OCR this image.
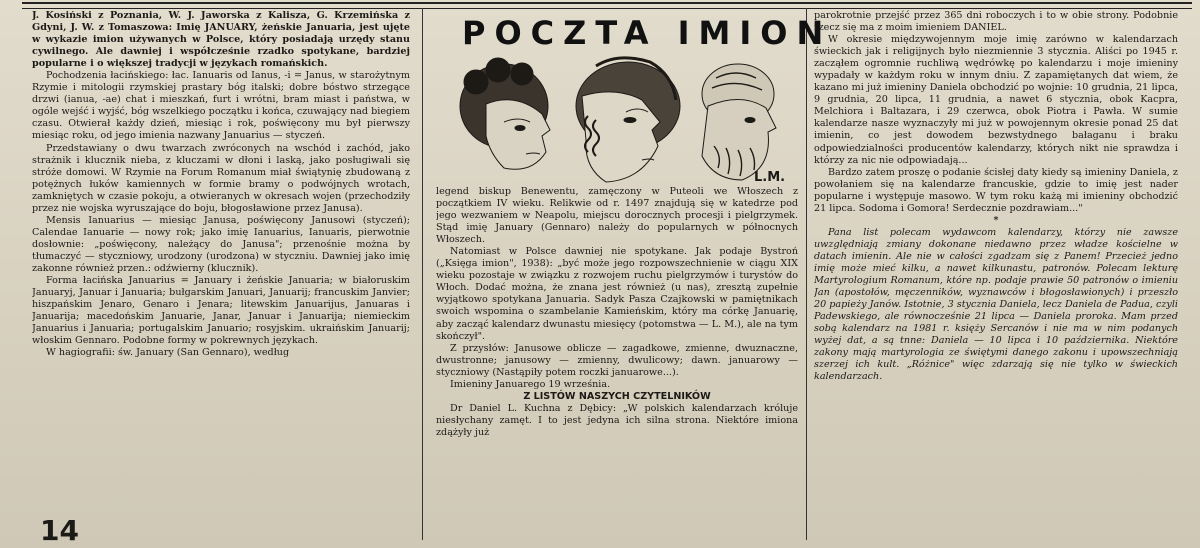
J. Kosiński z Poznania, W. J. Jaworska z Kalisza, G. Krzemińska z Gdyni, J. W. z Tomaszowa: Imię JANUARY, żeńskie Januaria, jest ujęte w wykazie imion używanych w Polsce, który posiadają urzędy stanu cywilnego. Ale dawniej i współcześnie rzadko spotykane, bardziej popularne i o większej tradycji w językach romańskich.

Pochodzenia łacińskiego: łac. Ianuaris od Ianus, -i = Janus, w starożytnym Rzymie i mitologii rzymskiej prastary bóg italski; dobre bóstwo strzegące drzwi (ianua, -ae) chat i mieszkań, furt i wrótni, bram miast i państwa, w ogóle wejść i wyjść, bóg wszelkiego początku i końca, czuwający nad biegiem czasu. Otwierał każdy dzień, miesiąc i rok, poświęcony mu był pierwszy miesiąc roku, od jego imienia nazwany Januarius — styczeń.

Przedstawiany o dwu twarzach zwróconych na wschód i zachód, jako strażnik i klucznik nieba, z kluczami w dłoni i laską, jako posługiwali się stróże domowi. W Rzymie na Forum Romanum miał świątynię zbudowaną z potężnych łuków kamiennych w formie bramy o podwójnych wrotach, zamkniętych w czasie pokoju, a otwieranych w okresach wojen (przechodziły przez nie wojska wyruszające do boju, błogosławione przez Janusa).

Mensis Ianuarius — miesiąc Janusa, poświęcony Janusowi (styczeń); Calendae Ianuarie — nowy rok; jako imię Ianuarius, Ianuaris, pierwotnie dosłownie: „poświęcony, należący do Janusa"; przenośnie można by tłumaczyć — styczniowy, urodzony (urodzona) w styczniu. Dawniej jako imię zakonne również przen.: odźwierny (klucznik).

Forma łacińska Januarius = January i żeńskie Januaria; w białoruskim Januaryj, Januar i Januaria; bułgarskim Januari, Januarij; francuskim Janvier; hiszpańskim Jenaro, Genaro i Jenara; litewskim Januarijus, Januaras i Januarija; macedońskim Januarie, Janar, Januar i Januarija; niemieckim Januarius i Januaria; portugalskim Januario; rosyjskim. ukraińskim Januarij; włoskim Gennaro. Podobne formy w pokrewnych językach.

W hagiografii: św. January (San Gennaro), według

POCZTA IMION
L.M.

legend biskup Benewentu, zamęczony w Puteoli we Włoszech z początkiem IV wieku. Relikwie od r. 1497 znajdują się w katedrze pod jego wezwaniem w Neapolu, miejscu dorocznych procesji i pielgrzymek. Stąd imię January (Gennaro) należy do popularnych w północnych Włoszech.

Natomiast w Polsce dawniej nie spotykane. Jak podaje Bystroń („Księga imion", 1938): „być może jego rozpowszechnienie w ciągu XIX wieku pozostaje w związku z rozwojem ruchu pielgrzymów i turystów do Włoch. Dodać można, że znana jest również (u nas), zresztą zupełnie wyjątkowo spotykana Januaria. Sadyk Pasza Czajkowski w pamiętnikach swoich wspomina o szambelanie Kamieńskim, który ma córkę Januarię, aby zacząć kalendarz dwunastu miesięcy (potomstwa — L. M.), ale na tym skończył".

Z przysłów: Janusowe oblicze — zagadkowe, zmienne, dwuznaczne, dwustronne; janusowy — zmienny, dwulicowy; dawn. januarowy — styczniowy (Nastąpiły potem roczki januarowe...).

Imieniny Januarego 19 września.

Z LISTÓW NASZYCH CZYTELNIKÓW

Dr Daniel L. Kuchna z Dębicy: „W polskich kalendarzach króluje niesłychany zamęt. I to jest jedyna ich silna strona. Niektóre imiona zdążyły już

parokrotnie przejść przez 365 dni roboczych i to w obie strony. Podobnie rzecz się ma z moim imieniem DANIEL.

W okresie międzywojennym moje imię zarówno w kalendarzach świeckich jak i religijnych było niezmiennie 3 stycznia. Aliści po 1945 r. zacząłem ogromnie ruchliwą wędrówkę po kalendarzu i moje imieniny wypadały w każdym roku w innym dniu. Z zapamiętanych dat wiem, że kazano mi już imieniny Daniela obchodzić po wojnie: 10 grudnia, 21 lipca, 9 grudnia, 20 lipca, 11 grudnia, a nawet 6 stycznia, obok Kacpra, Melchiora i Baltazara, i 29 czerwca, obok Piotra i Pawła. W sumie kalendarze nasze wyznaczyły mi już w powojennym okresie ponad 25 dat imienin, co jest dowodem bezwstydnego bałaganu i braku odpowiedzialności producentów kalendarzy, których nikt nie sprawdza i którzy za nic nie odpowiadają...

Bardzo zatem proszę o podanie ścisłej daty kiedy są imieniny Daniela, z powołaniem się na kalendarze francuskie, gdzie to imię jest nader popularne i występuje masowo. W tym roku każą mi imieniny obchodzić 21 lipca. Sodoma i Gomora! Serdecznie pozdrawiam..."

*

Pana list polecam wydawcom kalendarzy, którzy nie zawsze uwzględniają zmiany dokonane niedawno przez władze kościelne w datach imienin. Ale nie w całości zgadzam się z Panem! Przecież jedno imię może mieć kilku, a nawet kilkunastu, patronów. Polecam lekturę Martyrologium Romanum, które np. podaje prawie 50 patronów o imieniu Jan (apostołów, męczenników, wyznawców i błogosławionych) i przeszło 20 papieży Janów. Istotnie, 3 stycznia Daniela, lecz Daniela de Padua, czyli Padewskiego, ale równocześnie 21 lipca — Daniela proroka. Mam przed sobą kalendarz na 1981 r. księży Sercanów i nie ma w nim podanych wyżej dat, a są tnne: Daniela — 10 lipca i 10 października. Niektóre zakony mają martyrologia ze świętymi danego zakonu i upowszechniają szerzej ich kult. „Różnice" więc zdarzają się nie tylko w świeckich kalendarzach.

14
